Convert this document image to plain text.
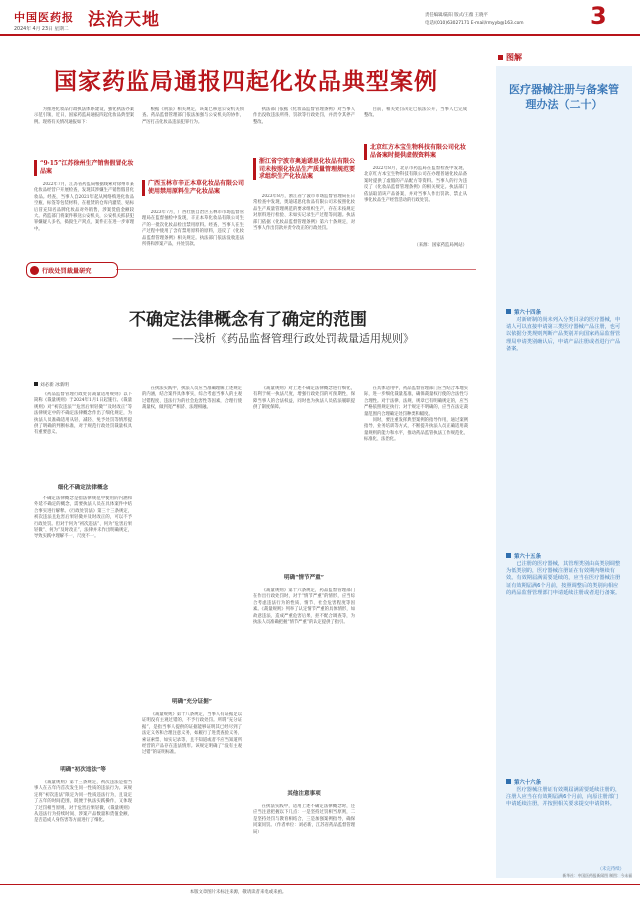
中国医药报 法治天地
2024年 4月 23日 星期二
责任编辑/陆阳 版式/王薇 王晓平
电话/(010)63027171 E-mail/rmyyb@163.com	3
国家药监局通报四起化妆品典型案例
为推进化妆品行政执法体系建设，强化执法办案示范引领，近日，国家药监局通报四起化妆品典型案例。现将有关情况通报如下：
“9·15”江苏徐州生产销售假冒化妆品案
2022年7月，江苏省药监局根据线索对徐州市某化妆品经营户开展检查，发现其涉嫌生产销售假冒化妆品。经查，当事人自2021年起从网络购进化妆品空瓶、标签等包装材料，在租赁的仓库内灌装、贴标后冒充知名品牌化妆品对外销售，涉案货值金额较大。药监部门将案件移送公安机关，公安机关抓获犯罪嫌疑人多名，捣毁生产窝点，案件正在进一步审理中。

根据《刑法》相关规定，该案已移送公安机关侦查。药品监督管理部门依法加强与公安机关的协作，严厉打击化妆品违法犯罪行为。

广西玉林市辛正本草化妆品有限公司使用禁用原料生产化妆品案
2023年7月，广西壮族自治区玉林市市场监督管理局在监督抽检中发现，辛正本草化妆品有限公司生产的一批次化妆品检出禁用原料。经查，当事人在生产过程中使用了含有禁用原料的原料，违反了《化妆品监督管理条例》相关规定。执法部门依法没收违法所得和涉案产品，并处罚款。

执法部门依据《化妆品监督管理条例》对当事人作出没收违法所得、罚款等行政处罚，并责令其停产整改。

浙江省宁波市奥迪诺思化妆品有限公司未按照化妆品生产质量管理规范要求组织生产化妆品案
2023年8月，浙江省宁波市市场监督管理局在日常检查中发现，奥迪诺思化妆品有限公司未按照化妆品生产质量管理规范的要求组织生产，存在未按规定对原料进行检验、未如实记录生产过程等问题。执法部门依据《化妆品监督管理条例》第六十条规定，对当事人作出罚款并责令改正的行政处罚。

目前，相关处罚决定已依法公开，当事人已完成整改。

北京红方本宝生物科技有限公司化妆品备案时提供虚假资料案
2022年8月，北京市药监局在监督检查中发现，北京红方本宝生物科技有限公司在办理普通化妆品备案时提供了虚假的产品配方等资料。当事人的行为违反了《化妆品监督管理条例》的相关规定。执法部门依法取消该产品备案，并对当事人作出罚款、禁止从事化妆品生产经营活动的行政处罚。
（来源：国家药监局网站）
行政处罚裁量研究
不确定法律概念有了确定的范围
——浅析《药品监督管理行政处罚裁量适用规则》
刘必新 冰新明
《药品监督管理行政处罚裁量适用规则》以下简称《裁量规则》于2024年1月1日起施行。《裁量规则》对“初次违法”“危害后果轻微”“及时改正”等法律规定中的不确定法律概念作出了细化规定，为执法人员准确适用从轻、减轻、免予处罚等情形提供了明确的判断标准，对于规范行政处罚裁量权具有重要意义。
细化不确定法律概念
不确定法律概念是指法律规范中使用的内涵和外延不确定的概念，需要执法人员在具体案件中结合事实进行解释。《行政处罚法》第三十三条规定，初次违法且危害后果轻微并及时改正的，可以不予行政处罚。但对于何为“初次违法”、何为“危害后果轻微”、何为“及时改正”，法律并未作出明确规定，导致实践中理解不一、尺度不一。
明确“初次违法”等
《裁量规则》第十三条规定，初次违法是指当事人在五年内首次发生同一性质的违法行为。该规定将“初次违法”限定为同一性质违法行为，且设定了五年的时间范围，既便于执法实践操作，又体现了过罚相当原则。对于危害后果轻微，《裁量规则》从违法行为持续时间、涉案产品数量和货值金额、是否造成人身伤害等方面进行了细化。

在执法实践中，执法人员应当准确理解上述规定的内涵，结合案件具体事实，综合考虑当事人的主观过错程度、违法行为的社会危害性等因素，合理行使裁量权，做到宽严相济、法理相融。

明确“充分证据”
《裁量规则》第十八条规定，当事人有证据足以证明没有主观过错的，不予行政处罚。所谓“充分证据”，是指当事人提供的证据能够证明其已经尽到了法定义务和合理注意义务，如履行了进货查验义务、索证索票、如实记录等，且不知道或者不应当知道所经营的产品存在违法情形。该规定明确了“没有主观过错”的证明标准。

《裁量规则》对上述不确定法律概念进行细化，有利于统一执法尺度，增强行政处罚的可预期性，保障当事人的合法权益，同时也为执法人员依法履职提供了制度保障。

明确“情节严重”
《裁量规则》第十六条规定，药品监督管理部门在作出行政处罚时，对于“情节严重”的情形，应当综合考虑违法行为的性质、情节、社会危害程度等因素。《裁量规则》列举了认定情节严重的具体情形，如故意违法、造成严重危害后果、拒不配合调查等，为执法人员准确把握“情节严重”的认定提供了指引。
其他注意事项
在执法实践中，适用上述不确定法律概念时，还应当注意把握以下几点：一是坚持过罚相当原则，二是坚持处罚与教育相结合，三是加强案例指导，确保同案同罚。（作者单位：刘必新，江苏省药品监督管理局）

在具体适用中，药品监督管理部门应当结合本地实际，进一步细化裁量基准，确保裁量权行使的合法性与合理性。对于法律、法规、规章已有明确规定的，应当严格依照规定执行；对于规定不明确的，应当在法定裁量范围内合理确定处罚种类和幅度。

同时，要注重发挥典型案例的指导作用，通过案例指导、业务培训等方式，不断提升执法人员正确适用裁量规则的能力和水平，推动药品监管执法工作规范化、标准化、法治化。

图解
医疗器械注册与备案管理办法（二十）
第六十四条

对新研制的尚未列入分类目录的医疗器械，申请人可以直接申请第三类医疗器械产品注册，也可以依据分类规则判断产品类别并向国家药品监督管理局申请类别确认后，申请产品注册或者进行产品备案。

第六十五条

已注册的医疗器械，其管理类别由高类别调整为低类别的，医疗器械注册证在有效期内继续有效。有效期届满需要延续的，应当在医疗器械注册证有效期届满6个月前，按照调整后的类别向相应的药品监督管理部门申请延续注册或者进行备案。

第六十六条

医疗器械注册证有效期届满需要延续注册的，注册人应当在有效期届满6个月前，向原注册部门申请延续注册，并按照相关要求提交申请资料。

（未完待续）
本版文章图片未标注来源，敬请读者来电或来函。
新华社：中国医药报新闻图 制图：今未福
